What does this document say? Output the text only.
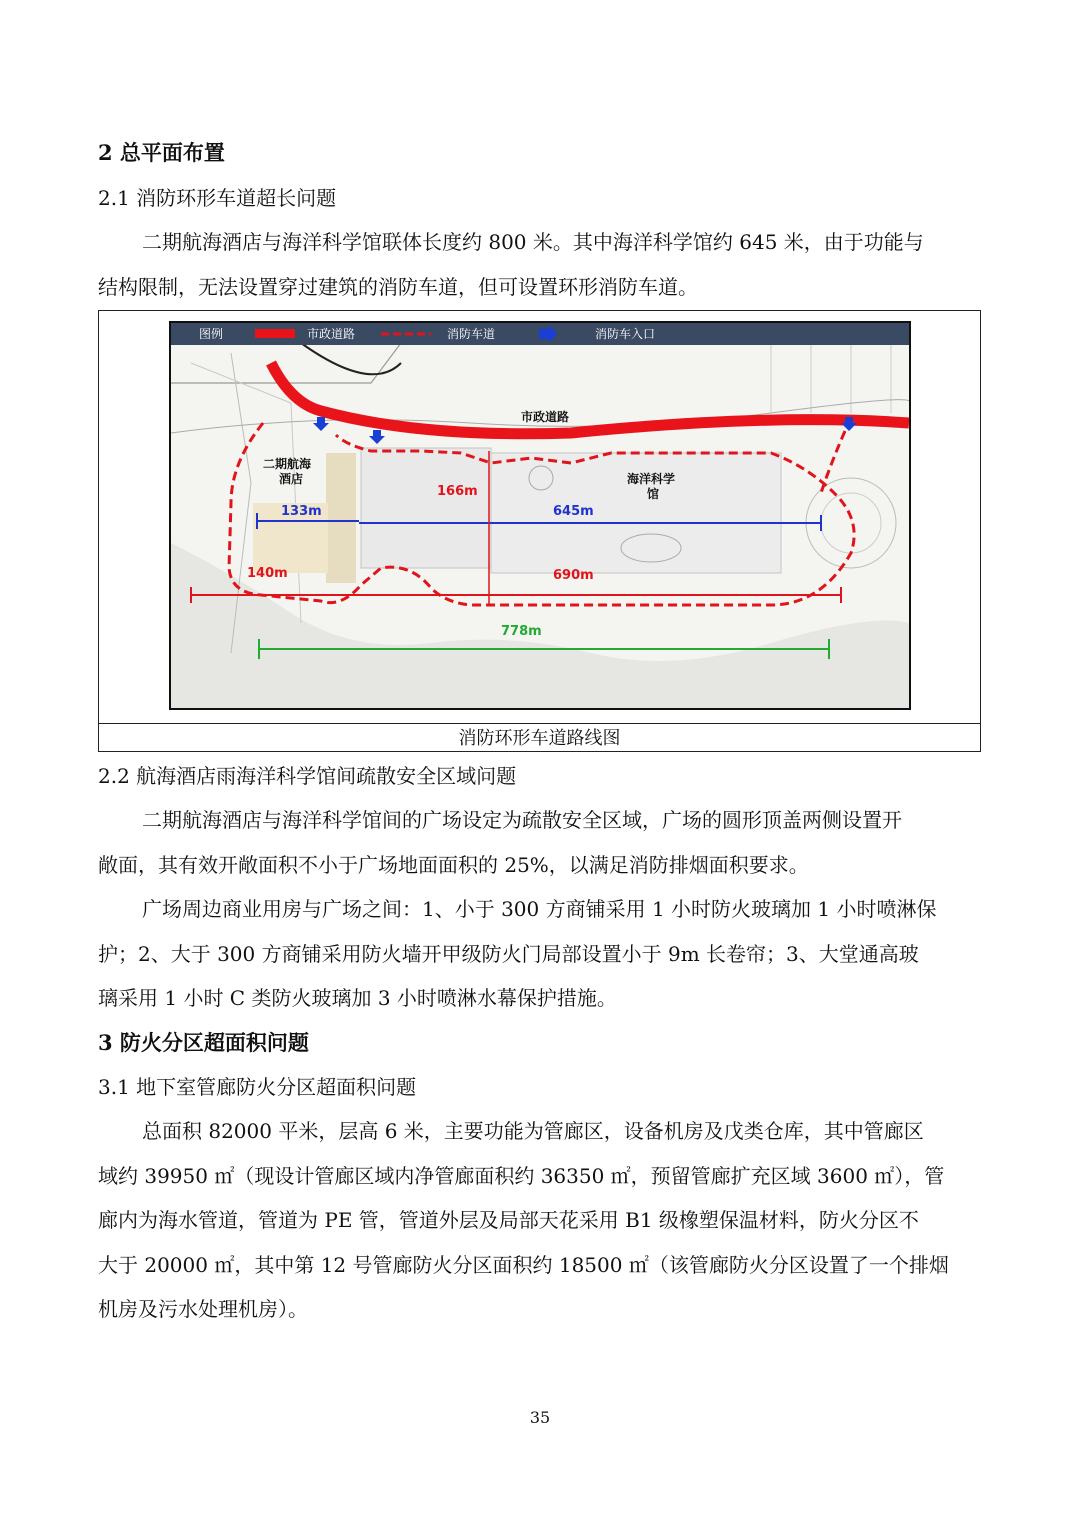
2 总平面布置
2.1 消防环形车道超长问题
二期航海酒店与海洋科学馆联体长度约 800 米。其中海洋科学馆约 645 米，由于功能与
结构限制，无法设置穿过建筑的消防车道，但可设置环形消防车道。
图例	市政道路	消防车道	消防车入口
市政道路
二期航海
酒店	海洋科学
馆
133m	645m
166m
140m	690m
778m
消防环形车道路线图
2.2 航海酒店雨海洋科学馆间疏散安全区域问题
二期航海酒店与海洋科学馆间的广场设定为疏散安全区域，广场的圆形顶盖两侧设置开
敞面，其有效开敞面积不小于广场地面面积的 25%，以满足消防排烟面积要求。
广场周边商业用房与广场之间：1、小于 300 方商铺采用 1 小时防火玻璃加 1 小时喷淋保
护；2、大于 300 方商铺采用防火墙开甲级防火门局部设置小于 9m 长卷帘；3、大堂通高玻
璃采用 1 小时 C 类防火玻璃加 3 小时喷淋水幕保护措施。
3 防火分区超面积问题
3.1 地下室管廊防火分区超面积问题
总面积 82000 平米，层高 6 米，主要功能为管廊区，设备机房及戊类仓库，其中管廊区
域约 39950 ㎡（现设计管廊区域内净管廊面积约 36350 ㎡，预留管廊扩充区域 3600 ㎡），管
廊内为海水管道，管道为 PE 管，管道外层及局部天花采用 B1 级橡塑保温材料，防火分区不
大于 20000 ㎡，其中第 12 号管廊防火分区面积约 18500 ㎡（该管廊防火分区设置了一个排烟
机房及污水处理机房）。
35
